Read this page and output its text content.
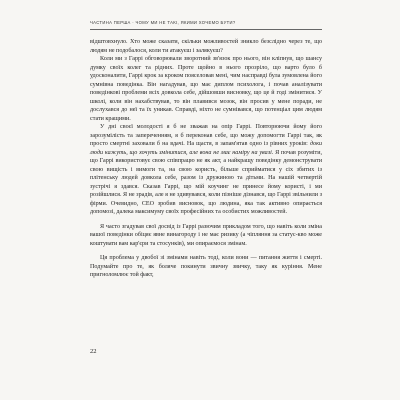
ЧАСТИНА ПЕРША · ЧОМУ МИ НЕ ТАКІ, ЯКИМИ ХОЧЕМО БУТИ?

відштовхнуло. Хто може сказати, скільки можливостей зникло безслідно через те, що людям не подобалося, коли ти атакуєш і залякуєш?

Коли ми з Гаррі обговорювали зворотний зв'язок про нього, він кліпнув, що шансу думку своїх колег та рідних. Проте щойно в нього прозріло, що варто було б удосконалити, Гаррі крок за кроком пояселовав мені, чим насправді була зумовлена його сумнівна поведінка. Він нагадував, що має диплом психолога, і почав аналізувати поведінкові проблеми всіх довкола себе, дійшовши висновку, що це й годі змінитися. У школі, коли він нахабствував, то він плавився мозок, він просив у мене поради, не дослухався до неї та їх уникав. Справді, ніхто не сумнівався, що потенціал цим людям стати кращими.

У дні своєї молодості я б не зважав на опір Гаррі. Повторюючи йому його зарозумілість та запереченням, я б переконав себе, що можу допомогти Гаррі так, як просто смертні заховали б на вдачі. На щастя, в запам'ятав одно із рівних уроків: доки люди кажуть, що хочуть змінитися, але вона не має наміру на увазі. Я почав розуміти, що Гаррі використовує свою співпрацю не як акт, а найкращу поведінку демонструвати свою вищість і вимоги та, на свою користь, більше сприйматися у сіх збитих із плітенську людей довкола себе, разом із дружиною та дітьми. На нашій четвертій зустрічі я здався. Сказав Гаррі, що мій коучинг не принесе йому користі, і ми розійшлися. Я не зрадів, але я не здивувався, коли пізніше дізнався, що Гаррі звільнили з фірми. Очевидно, CEO зробив висновок, що людина, яка так активно опирається допомозі, далека максимуму своїх професійних та особистих можливостей.

Я часто згадував свої досвід із Гаррі разючим прикладом того, що навіть коли зміна вашої поведінки обіцяє явне винагороду і не має ризику (а чіпляння за статус-кво може коштувати вам кар'єри та стосунків), ми опираємося змінам.

Ця проблема у двобої зі змінами навіть тоді, коли вони — питання життя і смерті. Подумайте про те, як боляче покинути звичну звичку, таку як куріння. Мене пригноломлює той факт,

22
